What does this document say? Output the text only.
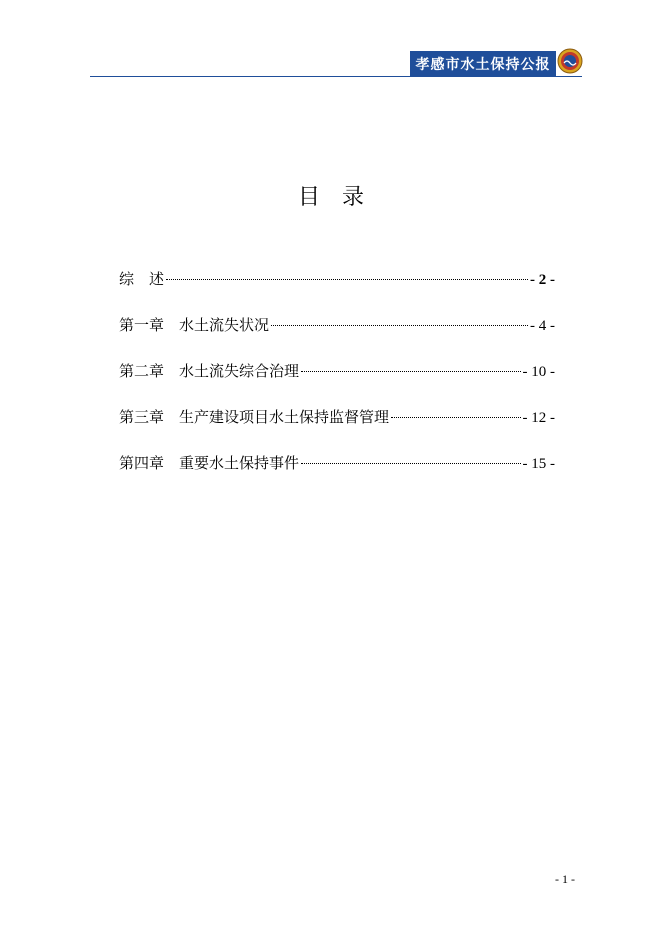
孝感市水土保持公报
目录
综　述	- 2 -
第一章　水土流失状况	- 4 -
第二章　水土流失综合治理	- 10 -
第三章　生产建设项目水土保持监督管理	- 12 -
第四章　重要水土保持事件	- 15 -
- 1 -
